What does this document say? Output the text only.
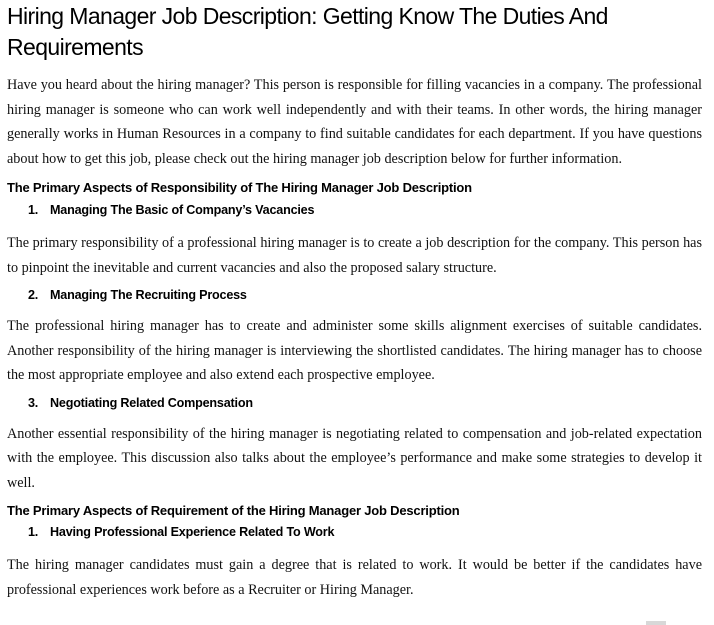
Hiring Manager Job Description: Getting Know The Duties And Requirements

Have you heard about the hiring manager? This person is responsible for filling vacancies in a company. The professional hiring manager is someone who can work well independently and with their teams. In other words, the hiring manager generally works in Human Resources in a company to find suitable candidates for each department. If you have questions about how to get this job, please check out the hiring manager job description below for further information.

The Primary Aspects of Responsibility of The Hiring Manager Job Description
1. Managing The Basic of Company’s Vacancies

The primary responsibility of a professional hiring manager is to create a job description for the company. This person has to pinpoint the inevitable and current vacancies and also the proposed salary structure.

2. Managing The Recruiting Process

The professional hiring manager has to create and administer some skills alignment exercises of suitable candidates. Another responsibility of the hiring manager is interviewing the shortlisted candidates. The hiring manager has to choose the most appropriate employee and also extend each prospective employee.

3. Negotiating Related Compensation

Another essential responsibility of the hiring manager is negotiating related to compensation and job-related expectation with the employee. This discussion also talks about the employee’s performance and make some strategies to develop it well.

The Primary Aspects of Requirement of the Hiring Manager Job Description
1. Having Professional Experience Related To Work

The hiring manager candidates must gain a degree that is related to work. It would be better if the candidates have professional experiences work before as a Recruiter or Hiring Manager.
